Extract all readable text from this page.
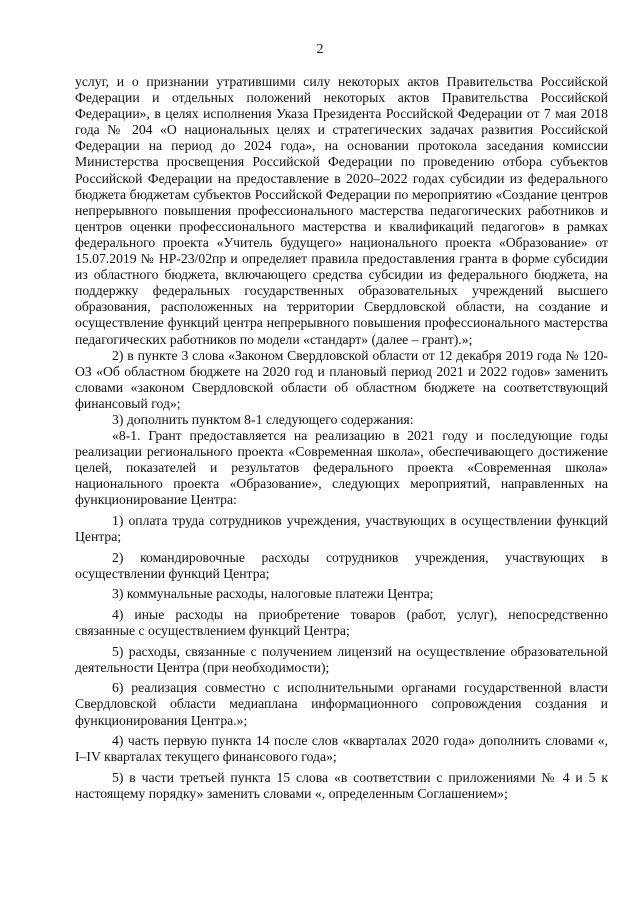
2

услуг, и о признании утратившими силу некоторых актов Правительства Российской Федерации и отдельных положений некоторых актов Правительства Российской Федерации», в целях исполнения Указа Президента Российской Федерации от 7 мая 2018 года № 204 «О национальных целях и стратегических задачах развития Российской Федерации на период до 2024 года», на основании протокола заседания комиссии Министерства просвещения Российской Федерации по проведению отбора субъектов Российской Федерации на предоставление в 2020–2022 годах субсидии из федерального бюджета бюджетам субъектов Российской Федерации по мероприятию «Создание центров непрерывного повышения профессионального мастерства педагогических работников и центров оценки профессионального мастерства и квалификаций педагогов» в рамках федерального проекта «Учитель будущего» национального проекта «Образование» от 15.07.2019 № НР-23/02пр и определяет правила предоставления гранта в форме субсидии из областного бюджета, включающего средства субсидии из федерального бюджета, на поддержку федеральных государственных образовательных учреждений высшего образования, расположенных на территории Свердловской области, на создание и осуществление функций центра непрерывного повышения профессионального мастерства педагогических работников по модели «стандарт» (далее – грант).»;

2) в пункте 3 слова «Законом Свердловской области от 12 декабря 2019 года № 120-ОЗ «Об областном бюджете на 2020 год и плановый период 2021 и 2022 годов» заменить словами «законом Свердловской области об областном бюджете на соответствующий финансовый год»;

3) дополнить пунктом 8-1 следующего содержания:

«8-1. Грант предоставляется на реализацию в 2021 году и последующие годы реализации регионального проекта «Современная школа», обеспечивающего достижение целей, показателей и результатов федерального проекта «Современная школа» национального проекта «Образование», следующих мероприятий, направленных на функционирование Центра:

1) оплата труда сотрудников учреждения, участвующих в осуществлении функций Центра;

2) командировочные расходы сотрудников учреждения, участвующих в осуществлении функций Центра;

3) коммунальные расходы, налоговые платежи Центра;

4) иные расходы на приобретение товаров (работ, услуг), непосредственно связанные с осуществлением функций Центра;

5) расходы, связанные с получением лицензий на осуществление образовательной деятельности Центра (при необходимости);

6) реализация совместно с исполнительными органами государственной власти Свердловской области медиаплана информационного сопровождения создания и функционирования Центра.»;

4) часть первую пункта 14 после слов «кварталах 2020 года» дополнить словами «, I–IV кварталах текущего финансового года»;

5) в части третьей пункта 15 слова «в соответствии с приложениями № 4 и 5 к настоящему порядку» заменить словами «, определенным Соглашением»;
